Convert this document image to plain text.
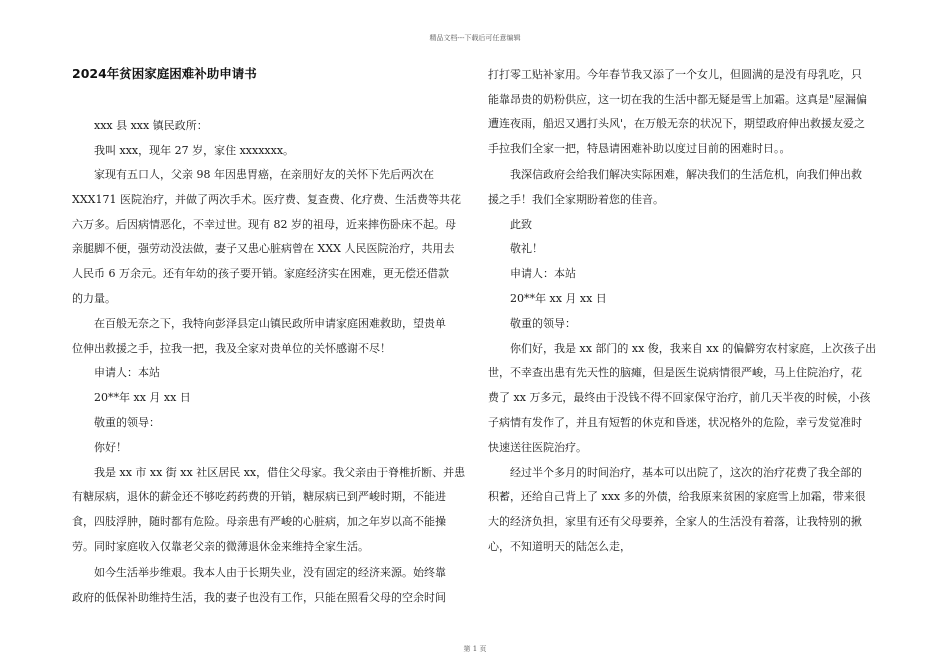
精品文档---下载后可任意编辑
2024年贫困家庭困难补助申请书
xxx 县 xxx 镇民政所：
我叫 xxx，现年 27 岁，家住 xxxxxxx。
家现有五口人，父亲 98 年因患胃癌，在亲朋好友的关怀下先后两次在
XXX171 医院治疗，并做了两次手术。医疗费、复查费、化疗费、生活费等共花
六万多。后因病情恶化，不幸过世。现有 82 岁的祖母，近来摔伤卧床不起。母
亲腿脚不便，强劳动没法做，妻子又患心脏病曾在 XXX 人民医院治疗，共用去
人民币 6 万余元。还有年幼的孩子要开销。家庭经济实在困难，更无偿还借款
的力量。
在百般无奈之下，我特向彭泽县定山镇民政所申请家庭困难救助，望贵单
位伸出救援之手，拉我一把，我及全家对贵单位的关怀感谢不尽！
申请人：本站
20**年 xx 月 xx 日
敬重的领导：
你好！
我是 xx 市 xx 街 xx 社区居民 xx，借住父母家。我父亲由于脊椎折断、并患
有糖尿病，退休的薪金还不够吃药药费的开销，糖尿病已到严峻时期，不能进
食，四肢浮肿，随时都有危险。母亲患有严峻的心脏病，加之年岁以高不能操
劳。同时家庭收入仅靠老父亲的微薄退休金来维持全家生活。
如今生活举步维艰。我本人由于长期失业，没有固定的经济来源。始终靠
政府的低保补助维持生活，我的妻子也没有工作，只能在照看父母的空余时间
打打零工贴补家用。今年春节我又添了一个女儿，但圆满的是没有母乳吃，只
能靠昂贵的奶粉供应，这一切在我的生活中都无疑是雪上加霜。这真是"屋漏偏
遭连夜雨，船迟又遇打头风'，在万般无奈的状况下，期望政府伸出救援友爱之
手拉我们全家一把，特恳请困难补助以度过目前的困难时日。。
我深信政府会给我们解决实际困难，解决我们的生活危机，向我们伸出救
援之手！我们全家期盼着您的佳音。
此致
敬礼！
申请人：本站
20**年 xx 月 xx 日
敬重的领导：
你们好，我是 xx 部门的 xx 俊，我来自 xx 的偏僻穷农村家庭，上次孩子出
世，不幸查出患有先天性的脑瘫，但是医生说病情很严峻，马上住院治疗，花
费了 xx 万多元，最终由于没钱不得不回家保守治疗，前几天半夜的时候，小孩
子病情有发作了，并且有短暂的休克和昏迷，状况格外的危险，幸亏发觉准时
快速送往医院治疗。
经过半个多月的时间治疗，基本可以出院了，这次的治疗花费了我全部的
积蓄，还给自己背上了 xxx 多的外债，给我原来贫困的家庭雪上加霜，带来很
大的经济负担，家里有还有父母要养，全家人的生活没有着落，让我特别的揪
心，不知道明天的陆怎么走，
第 1 页
